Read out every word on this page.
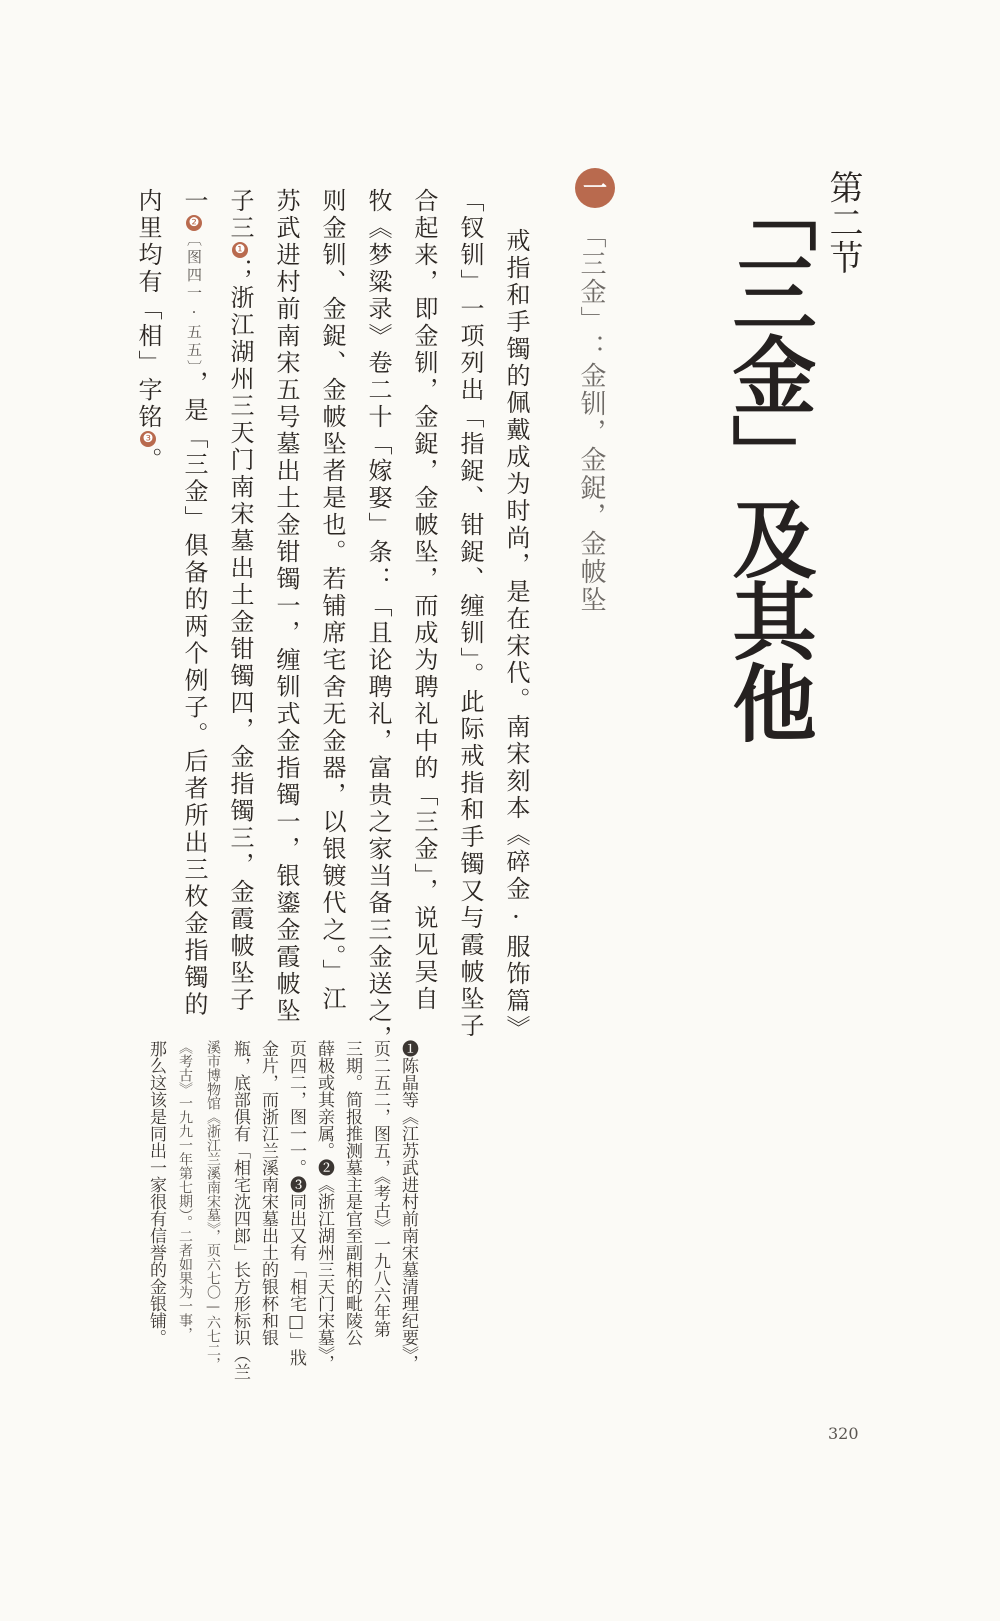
第二节
「三金」及其他
一
「三金」：金钏，金鋜，金帔坠
戒指和手镯的佩戴成为时尚，是在宋代。南宋刻本《碎金·服饰篇》
「钗钏」一项列出「指鋜、钳鋜、缠钏」。此际戒指和手镯又与霞帔坠子
合起来，即金钏，金鋜，金帔坠，而成为聘礼中的「三金」，说见吴自
牧《梦粱录》卷二十「嫁娶」条：「且论聘礼，富贵之家当备三金送之，
则金钏、金鋜、金帔坠者是也。若铺席宅舍无金器，以银镀代之。」江
苏武进村前南宋五号墓出土金钳镯一，缠钏式金指镯一，银鎏金霞帔坠
子三❶；浙江湖州三天门南宋墓出土金钳镯四，金指镯三，金霞帔坠子
一❷〔图四一·五五〕，是「三金」俱备的两个例子。后者所出三枚金指镯的
内里均有「相」字铭❸。
❶陈晶等《江苏武进村前南宋墓清理纪要》，
页二五二，图五，《考古》一九八六年第
三期。简报推测墓主是官至副相的毗陵公
薛极或其亲属。❷《浙江湖州三天门宋墓》，
页四二，图一一。❸同出又有「相宅□」戕
金片，而浙江兰溪南宋墓出土的银杯和银
瓶，底部俱有「相宅沈四郎」长方形标识（兰
溪市博物馆《浙江兰溪南宋墓》，页六七〇—六七二，
《考古》一九九一年第七期）。二者如果为一事，
那么这该是同出一家很有信誉的金银铺。
320
